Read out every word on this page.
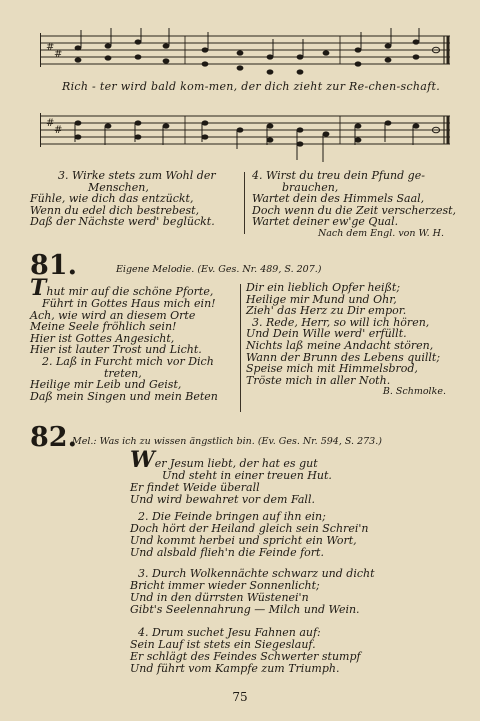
#
#
Rich - ter wird bald kom-men, der dich zieht zur Re-chen-schaft.
#
#
3. Wirke stets zum Wohl der
Menschen,
Fühle, wie dich das entzückt,
Wenn du edel dich bestrebest,
Daß der Nächste werd' beglückt.
4. Wirst du treu dein Pfund ge-
brauchen,
Wartet dein des Himmels Saal,
Doch wenn du die Zeit verscherzest,
Wartet deiner ew'ge Qual.
Nach dem Engl. von W. H.
81.	Eigene Melodie. (Ev. Ges. Nr. 489, S. 207.)
Thut mir auf die schöne Pforte,
Führt in Gottes Haus mich ein!
Ach, wie wird an diesem Orte
Meine Seele fröhlich sein!
Hier ist Gottes Angesicht,
Hier ist lauter Trost und Licht.
2. Laß in Furcht mich vor Dich
treten,
Heilige mir Leib und Geist,
Daß mein Singen und mein Beten
Dir ein lieblich Opfer heißt;
Heilige mir Mund und Ohr,
Zieh' das Herz zu Dir empor.
3. Rede, Herr, so will ich hören,
Und Dein Wille werd' erfüllt.
Nichts laß meine Andacht stören,
Wann der Brunn des Lebens quillt;
Speise mich mit Himmelsbrod,
Tröste mich in aller Noth.
B. Schmolke.
82.
Mel.: Was ich zu wissen ängstlich bin. (Ev. Ges. Nr. 594, S. 273.)
Wer Jesum liebt, der hat es gut
Und steht in einer treuen Hut.
Er findet Weide überall
Und wird bewahret vor dem Fall.
2. Die Feinde bringen auf ihn ein;
Doch hört der Heiland gleich sein Schrei'n
Und kommt herbei und spricht ein Wort,
Und alsbald flieh'n die Feinde fort.
3. Durch Wolkennächte schwarz und dicht
Bricht immer wieder Sonnenlicht;
Und in den dürrsten Wüstenei'n
Gibt's Seelennahrung — Milch und Wein.
4. Drum suchet Jesu Fahnen auf:
Sein Lauf ist stets ein Siegeslauf.
Er schlägt des Feindes Schwerter stumpf
Und führt vom Kampfe zum Triumph.
75
